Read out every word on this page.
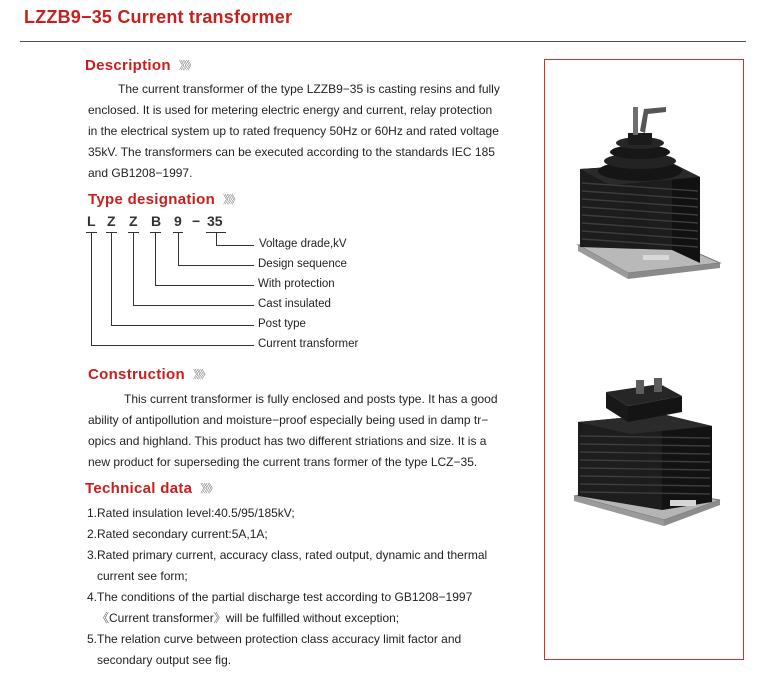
LZZB9−35 Current transformer
Description 》》》
The current transformer of the type LZZB9−35 is casting resins and fully
enclosed. It is used for metering electric energy and current, relay protection
in the electrical system up to rated frequency 50Hz or 60Hz and rated voltage
35kV. The transformers can be executed according to the standards IEC 185
and GB1208−1997.
Type designation 》》》
L Z Z B 9 − 35
Voltage drade,kV
Design sequence
With protection
Cast insulated
Post type
Current transformer
Construction 》》》
This current transformer is fully enclosed and posts type. It has a good
ability of antipollution and moisture−proof especially being used in damp tr−
opics and highland. This product has two different striations and size. It is a
new product for superseding the current trans former of the type LCZ−35.
Technical data 》》》
1.Rated insulation level:40.5/95/185kV;
2.Rated secondary current:5A,1A;
3.Rated primary current, accuracy class, rated output, dynamic and thermal
current see form;
4.The conditions of the partial discharge test according to GB1208−1997
《Current transformer》will be fulfilled without exception;
5.The relation curve between protection class accuracy limit factor and
secondary output see fig.
